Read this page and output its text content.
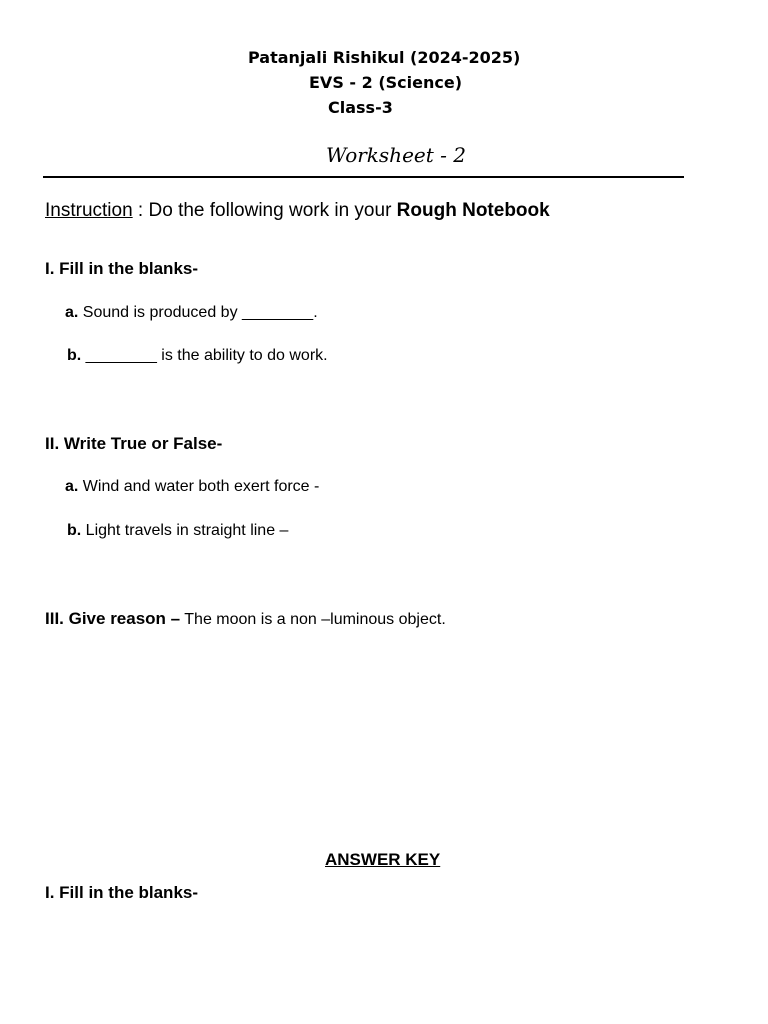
Patanjali Rishikul (2024-2025)
EVS - 2 (Science)
Class-3
Worksheet - 2
Instruction : Do the following work in your Rough Notebook
I. Fill in the blanks-
a. Sound is produced by ________.
b. ________ is the ability to do work.
II. Write True or False-
a. Wind and water both exert force -
b. Light travels in straight line –
III. Give reason – The moon is a non –luminous object.
ANSWER KEY
I. Fill in the blanks-
